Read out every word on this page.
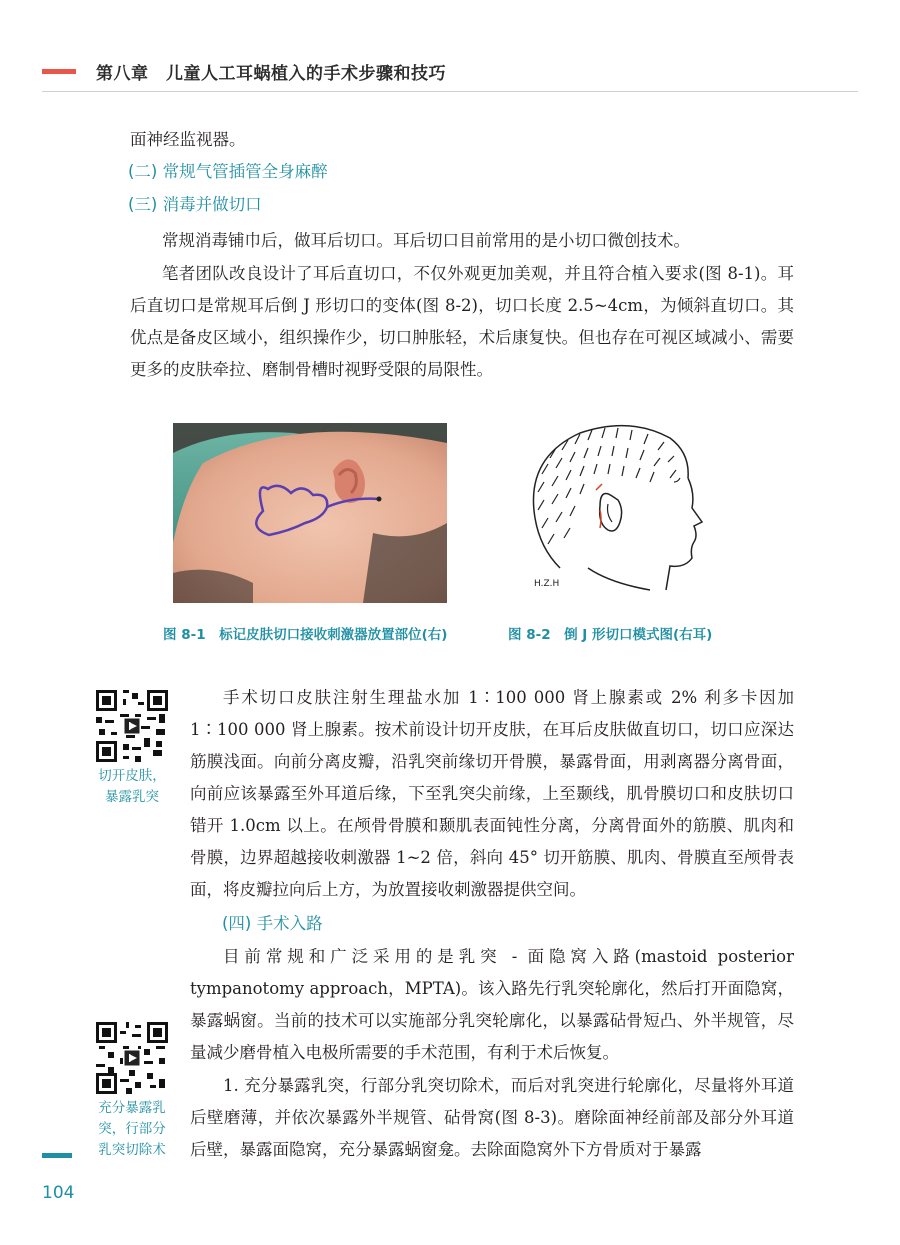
第八章　儿童人工耳蜗植入的手术步骤和技巧
面神经监视器。
(二) 常规气管插管全身麻醉
(三) 消毒并做切口
常规消毒铺巾后，做耳后切口。耳后切口目前常用的是小切口微创技术。
笔者团队改良设计了耳后直切口，不仅外观更加美观，并且符合植入要求(图 8-1)。耳后直切口是常规耳后倒 J 形切口的变体(图 8-2)，切口长度 2.5~4cm，为倾斜直切口。其优点是备皮区域小，组织操作少，切口肿胀轻，术后康复快。但也存在可视区域减小、需要更多的皮肤牵拉、磨制骨槽时视野受限的局限性。
H.Z.H
图 8-1　标记皮肤切口接收刺激器放置部位(右)	图 8-2　倒 J 形切口模式图(右耳)
切开皮肤，
暴露乳突
手术切口皮肤注射生理盐水加 1∶100 000 肾上腺素或 2% 利多卡因加 1∶100 000 肾上腺素。按术前设计切开皮肤，在耳后皮肤做直切口，切口应深达筋膜浅面。向前分离皮瓣，沿乳突前缘切开骨膜，暴露骨面，用剥离器分离骨面，向前应该暴露至外耳道后缘，下至乳突尖前缘，上至颞线，肌骨膜切口和皮肤切口错开 1.0cm 以上。在颅骨骨膜和颞肌表面钝性分离，分离骨面外的筋膜、肌肉和骨膜，边界超越接收刺激器 1~2 倍，斜向 45° 切开筋膜、肌肉、骨膜直至颅骨表面，将皮瓣拉向后上方，为放置接收刺激器提供空间。
(四) 手术入路
目前常规和广泛采用的是乳突 - 面隐窝入路(mastoid posterior tympanotomy approach，MPTA)。该入路先行乳突轮廓化，然后打开面隐窝，暴露蜗窗。当前的技术可以实施部分乳突轮廓化，以暴露砧骨短凸、外半规管，尽量减少磨骨植入电极所需要的手术范围，有利于术后恢复。
充分暴露乳
突，行部分
乳突切除术
1. 充分暴露乳突，行部分乳突切除术，而后对乳突进行轮廓化，尽量将外耳道后壁磨薄，并依次暴露外半规管、砧骨窝(图 8-3)。磨除面神经前部及部分外耳道后壁，暴露面隐窝，充分暴露蜗窗龛。去除面隐窝外下方骨质对于暴露
104
